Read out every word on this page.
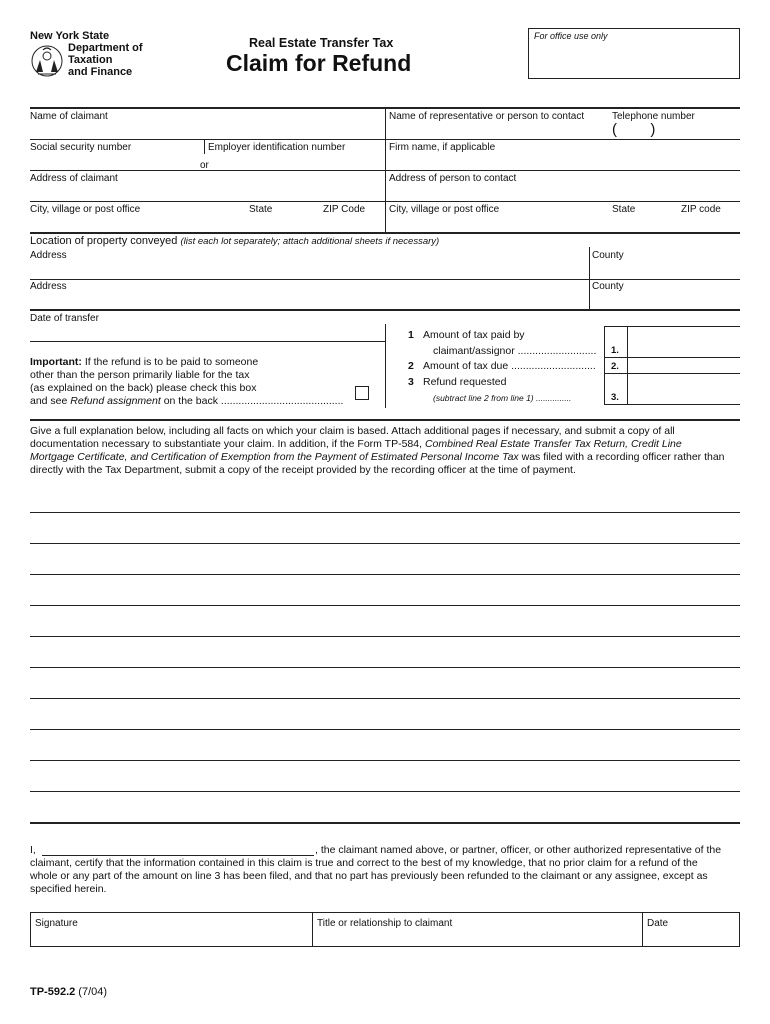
New York State
Department of
Taxation
and Finance
Real Estate Transfer Tax
Claim for Refund
For office use only
Name of claimant	Name of representative or person to contact	Telephone number
(        )
Social security number	Employer identification number	Firm name, if applicable
or
Address of claimant	Address of person to contact
City, village or post office	State	ZIP Code City, village or post office	State	ZIP code
Location of property conveyed (list each lot separately; attach additional sheets if necessary)
Address	County
Address	County
Date of transfer
Important: If the refund is to be paid to someone
other than the person primarily liable for the tax
(as explained on the back) please check this box
and see Refund assignment on the back ..........................................
1 Amount of tax paid by
claimant/assignor ...........................
2 Amount of tax due .............................
3 Refund requested
(subtract line 2 from line 1) ...............
1.
2.
3.
Give a full explanation below, including all facts on which your claim is based. Attach additional pages if necessary, and submit a copy of all
documentation necessary to substantiate your claim. In addition, if the Form TP-584, Combined Real Estate Transfer Tax Return, Credit Line
Mortgage Certificate, and Certification of Exemption from the Payment of Estimated Personal Income Tax was filed with a recording officer rather than
directly with the Tax Department, submit a copy of the receipt provided by the recording officer at the time of payment.
I,	, the claimant named above, or partner, officer, or other authorized representative of the
claimant, certify that the information contained in this claim is true and correct to the best of my knowledge, that no prior claim for a refund of the
whole or any part of the amount on line 3 has been filed, and that no part has previously been refunded to the claimant or any assignee, except as
specified herein.
Signature	Title or relationship to claimant	Date
TP-592.2 (7/04)
